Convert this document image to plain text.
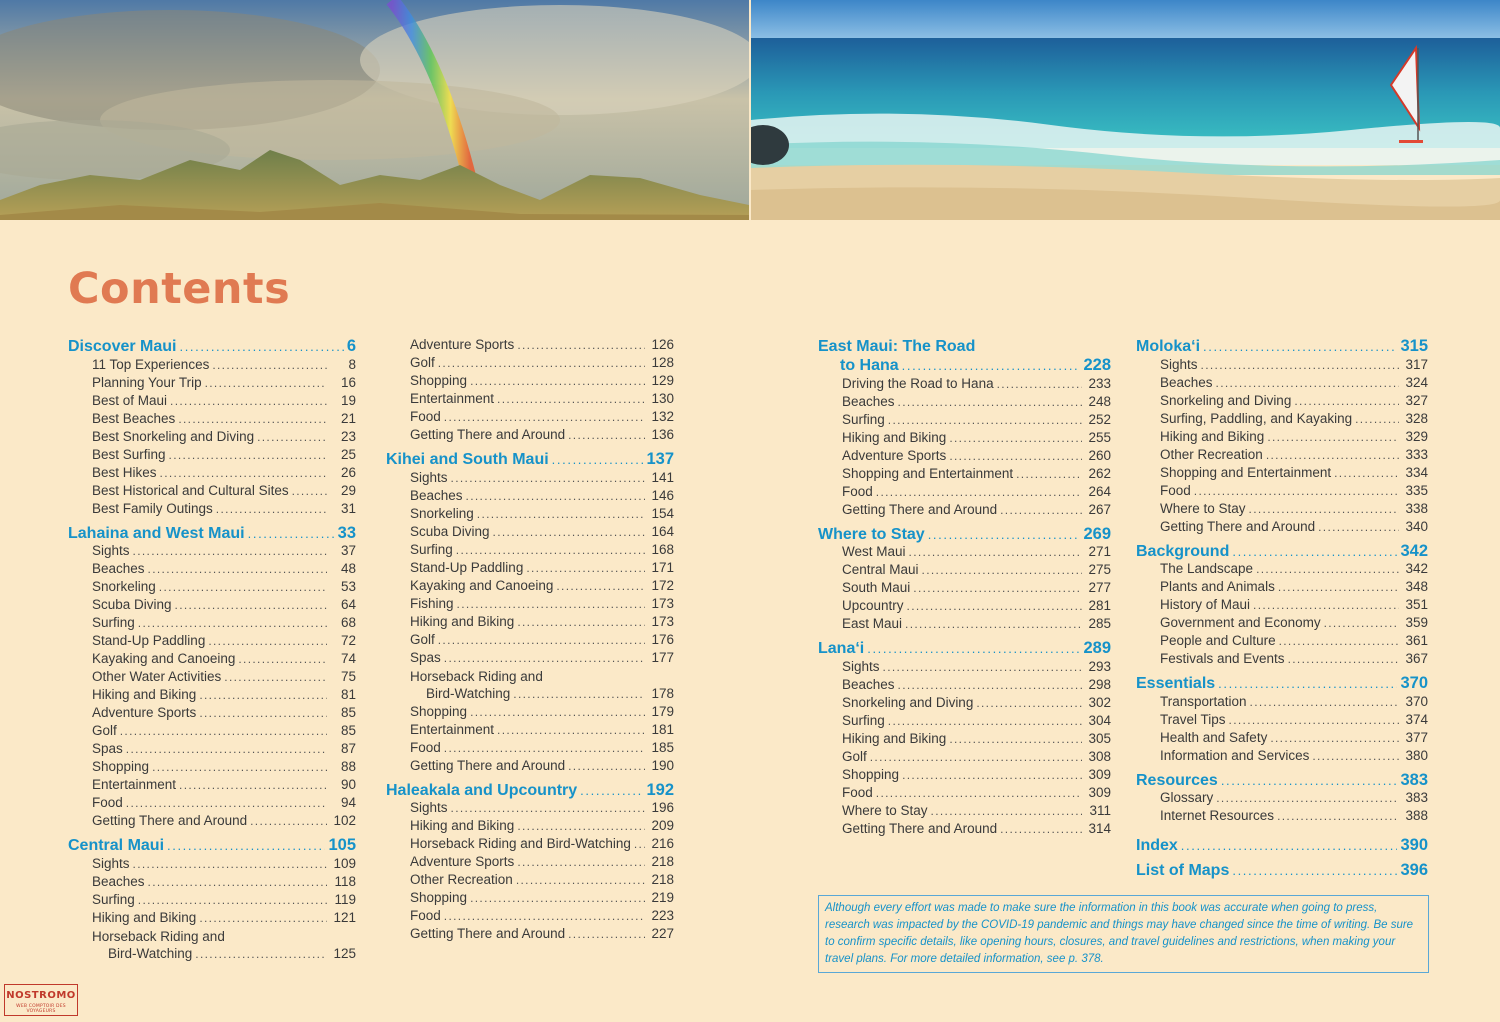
Contents
Discover Maui . . .	6
11 Top Experiences . . .	8
Planning Your Trip . . .	16
Best of Maui . . .	19
Best Beaches . . .	21
Best Snorkeling and Diving . . .	23
Best Surfing . . .	25
Best Hikes . . .	26
Best Historical and Cultural Sites . . .	29
Best Family Outings . . .	31
Lahaina and West Maui . . .	33
Sights . . .	37
Beaches . . .	48
Snorkeling . . .	53
Scuba Diving . . .	64
Surfing . . .	68
Stand-Up Paddling . . .	72
Kayaking and Canoeing . . .	74
Other Water Activities . . .	75
Hiking and Biking . . .	81
Adventure Sports . . .	85
Golf . . .	85
Spas . . .	87
Shopping . . .	88
Entertainment . . .	90
Food . . .	94
Getting There and Around . . .	102
Central Maui . . .	105
Sights . . .	109
Beaches . . .	118
Surfing . . .	119
Hiking and Biking . . .	121
Horseback Riding and
Bird-Watching . . .	125
Adventure Sports . . .	126
Golf . . .	128
Shopping . . .	129
Entertainment . . .	130
Food . . .	132
Getting There and Around . . .	136
Kihei and South Maui . . .	137
Sights . . .	141
Beaches . . .	146
Snorkeling . . .	154
Scuba Diving . . .	164
Surfing . . .	168
Stand-Up Paddling . . .	171
Kayaking and Canoeing . . .	172
Fishing . . .	173
Hiking and Biking . . .	173
Golf . . .	176
Spas . . .	177
Horseback Riding and
Bird-Watching . . .	178
Shopping . . .	179
Entertainment . . .	181
Food . . .	185
Getting There and Around . . .	190
Haleakala and Upcountry . . .	192
Sights . . .	196
Hiking and Biking . . .	209
Horseback Riding and Bird-Watching . . . 216
Adventure Sports . . .	218
Other Recreation . . .	218
Shopping . . .	219
Food . . .	223
Getting There and Around . . .	227
East Maui: The Road
to Hana . . .	228
Driving the Road to Hana . . .	233
Beaches . . .	248
Surfing . . .	252
Hiking and Biking . . .	255
Adventure Sports . . .	260
Shopping and Entertainment . . .	262
Food . . .	264
Getting There and Around . . .	267
Where to Stay . . .	269
West Maui . . .	271
Central Maui . . .	275
South Maui . . .	277
Upcountry . . .	281
East Maui . . .	285
Lana‘i . . .	289
Sights . . .	293
Beaches . . .	298
Snorkeling and Diving . . .	302
Surfing . . .	304
Hiking and Biking . . .	305
Golf . . .	308
Shopping . . .	309
Food . . .	309
Where to Stay . . .	311
Getting There and Around . . .	314
Moloka‘i . . .	315
Sights . . .	317
Beaches . . .	324
Snorkeling and Diving . . .	327
Surfing, Paddling, and Kayaking . . .	328
Hiking and Biking . . .	329
Other Recreation . . .	333
Shopping and Entertainment . . .	334
Food . . .	335
Where to Stay . . .	338
Getting There and Around . . .	340
Background . . .	342
The Landscape . . .	342
Plants and Animals . . .	348
History of Maui . . .	351
Government and Economy . . .	359
People and Culture . . .	361
Festivals and Events . . .	367
Essentials . . .	370
Transportation . . .	370
Travel Tips . . .	374
Health and Safety . . .	377
Information and Services . . .	380
Resources . . .	383
Glossary . . .	383
Internet Resources . . .	388
Index . . .	390
List of Maps . . .	396
Although every effort was made to make sure the information in this book was accurate when going to press, research was impacted by the COVID-19 pandemic and things may have changed since the time of writing. Be sure to confirm specific details, like opening hours, closures, and travel guidelines and restrictions, when making your travel plans. For more detailed information, see p. 378.
NOSTROMO
WEB COMPTOIR DES VOYAGEURS
